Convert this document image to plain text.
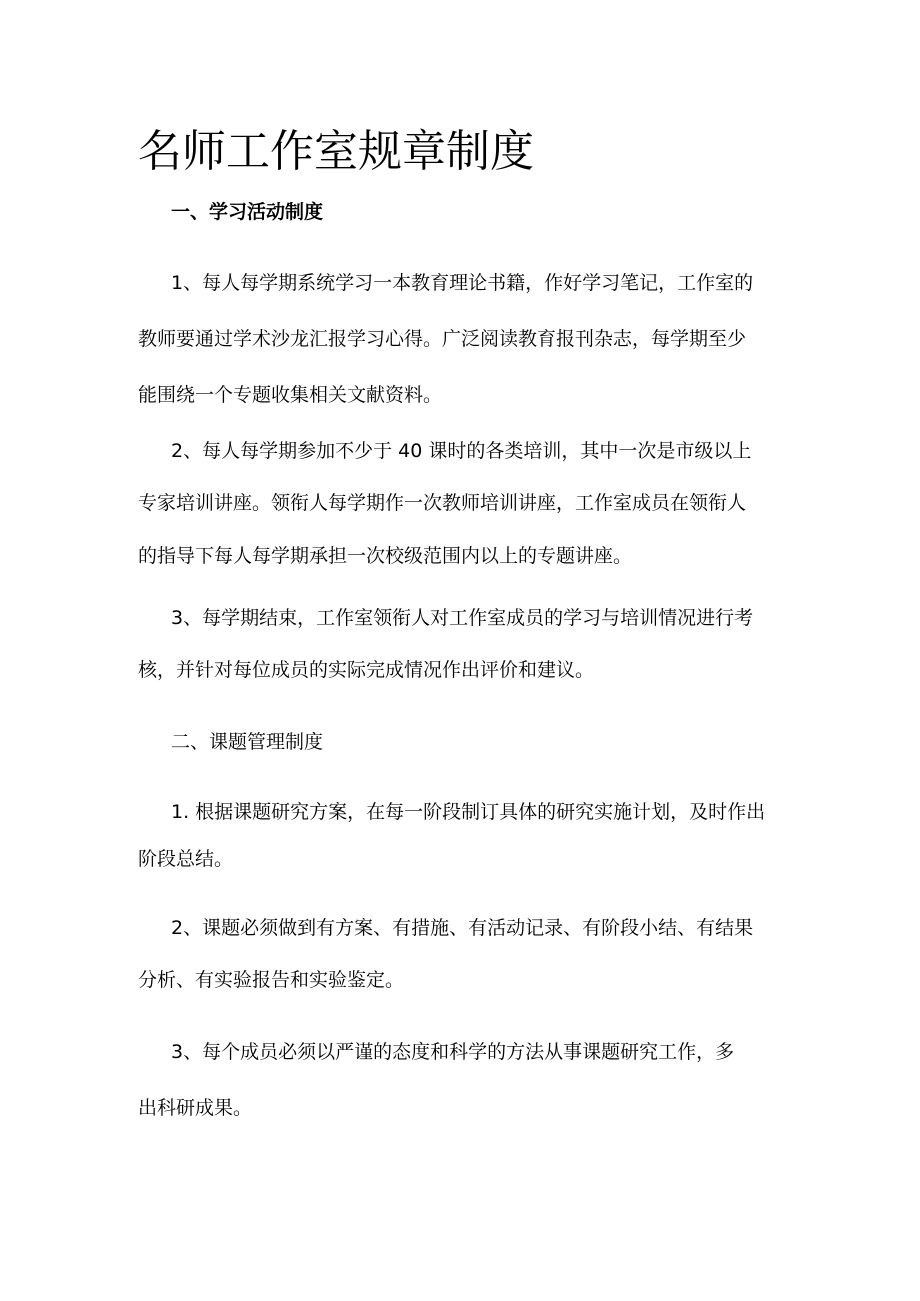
名师工作室规章制度

一、学习活动制度

1、每人每学期系统学习一本教育理论书籍，作好学习笔记，工作室的

教师要通过学术沙龙汇报学习心得。广泛阅读教育报刊杂志，每学期至少

能围绕一个专题收集相关文献资料。

2、每人每学期参加不少于 40 课时的各类培训，其中一次是市级以上

专家培训讲座。领衔人每学期作一次教师培训讲座，工作室成员在领衔人

的指导下每人每学期承担一次校级范围内以上的专题讲座。

3、每学期结束，工作室领衔人对工作室成员的学习与培训情况进行考

核，并针对每位成员的实际完成情况作出评价和建议。

二、课题管理制度

1. 根据课题研究方案，在每一阶段制订具体的研究实施计划，及时作出

阶段总结。

2、课题必须做到有方案、有措施、有活动记录、有阶段小结、有结果

分析、有实验报告和实验鉴定。

3、每个成员必须以严谨的态度和科学的方法从事课题研究工作，多

出科研成果。
